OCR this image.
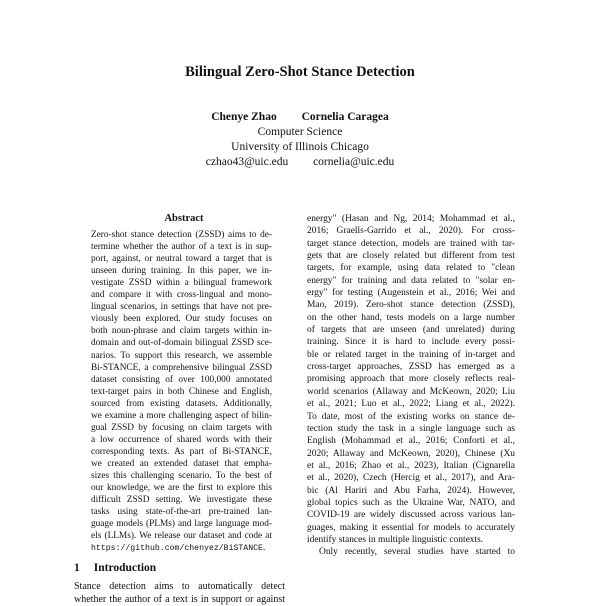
Bilingual Zero-Shot Stance Detection
Chenye Zhao Cornelia Caragea
Computer Science
University of Illinois Chicago
czhao43@uic.edu cornelia@uic.edu
Abstract
Zero-shot stance detection (ZSSD) aims to de-
termine whether the author of a text is in sup-
port, against, or neutral toward a target that is
unseen during training. In this paper, we in-
vestigate ZSSD within a bilingual framework
and compare it with cross-lingual and mono-
lingual scenarios, in settings that have not pre-
viously been explored. Our study focuses on
both noun-phrase and claim targets within in-
domain and out-of-domain bilingual ZSSD sce-
narios. To support this research, we assemble
Bi-STANCE, a comprehensive bilingual ZSSD
dataset consisting of over 100,000 annotated
text-target pairs in both Chinese and English,
sourced from existing datasets. Additionally,
we examine a more challenging aspect of bilin-
gual ZSSD by focusing on claim targets with
a low occurrence of shared words with their
corresponding texts. As part of Bi-STANCE,
we created an extended dataset that empha-
sizes this challenging scenario. To the best of
our knowledge, we are the first to explore this
difficult ZSSD setting. We investigate these
tasks using state-of-the-art pre-trained lan-
guage models (PLMs) and large language mod-
els (LLMs). We release our dataset and code at
https://github.com/chenyez/BiSTANCE.
1 Introduction
Stance detection aims to automatically detect
whether the author of a text is in support or against
energy" (Hasan and Ng, 2014; Mohammad et al.,
2016; Graells-Garrido et al., 2020). For cross-
target stance detection, models are trained with tar-
gets that are closely related but different from test
targets, for example, using data related to "clean
energy" for training and data related to "solar en-
ergy" for testing (Augenstein et al., 2016; Wei and
Mao, 2019). Zero-shot stance detection (ZSSD),
on the other hand, tests models on a large number
of targets that are unseen (and unrelated) during
training. Since it is hard to include every possi-
ble or related target in the training of in-target and
cross-target approaches, ZSSD has emerged as a
promising approach that more closely reflects real-
world scenarios (Allaway and McKeown, 2020; Liu
et al., 2021; Luo et al., 2022; Liang et al., 2022).
To date, most of the existing works on stance de-
tection study the task in a single language such as
English (Mohammad et al., 2016; Conforti et al.,
2020; Allaway and McKeown, 2020), Chinese (Xu
et al., 2016; Zhao et al., 2023), Italian (Cignarella
et al., 2020), Czech (Hercig et al., 2017), and Ara-
bic (Al Hariri and Abu Farha, 2024). However,
global topics such as the Ukraine War, NATO, and
COVID-19 are widely discussed across various lan-
guages, making it essential for models to accurately
identify stances in multiple linguistic contexts.
Only recently, several studies have started to
